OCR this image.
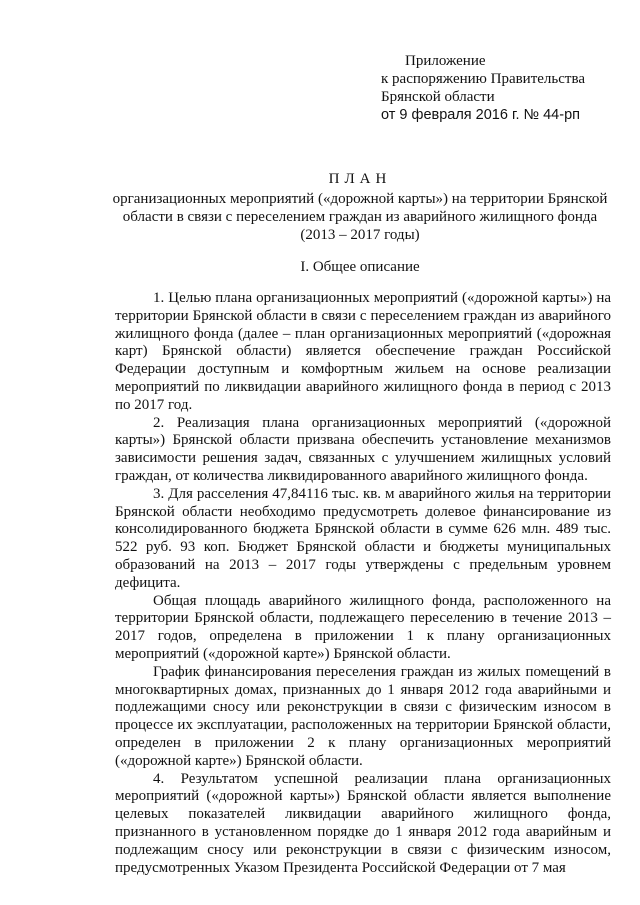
Приложение
к распоряжению Правительства
Брянской области
от 9 февраля 2016 г. № 44-рп
ПЛАН
организационных мероприятий («дорожной карты») на территории Брянской
области в связи с переселением граждан из аварийного жилищного фонда
(2013 – 2017 годы)
I. Общее описание

1. Целью плана организационных мероприятий («дорожной карты») на территории Брянской области в связи с переселением граждан из аварийного жилищного фонда (далее – план организационных мероприятий («дорожная карт) Брянской области) является обеспечение граждан Российской Федерации доступным и комфортным жильем на основе реализации мероприятий по ликвидации аварийного жилищного фонда в период с 2013 по 2017 год.

2. Реализация плана организационных мероприятий («дорожной карты») Брянской области призвана обеспечить установление механизмов зависимости решения задач, связанных с улучшением жилищных условий граждан, от количества ликвидированного аварийного жилищного фонда.

3. Для расселения 47,84116 тыс. кв. м аварийного жилья на территории Брянской области необходимо предусмотреть долевое финансирование из консолидированного бюджета Брянской области в сумме 626 млн. 489 тыс. 522 руб. 93 коп. Бюджет Брянской области и бюджеты муниципальных образований на 2013 – 2017 годы утверждены с предельным уровнем дефицита.

Общая площадь аварийного жилищного фонда, расположенного на территории Брянской области, подлежащего переселению в течение 2013 – 2017 годов, определена в приложении 1 к плану организационных мероприятий («дорожной карте») Брянской области.

График финансирования переселения граждан из жилых помещений в многоквартирных домах, признанных до 1 января 2012 года аварийными и подлежащими сносу или реконструкции в связи с физическим износом в процессе их эксплуатации, расположенных на территории Брянской области, определен в приложении 2 к плану организационных мероприятий («дорожной карте») Брянской области.

4. Результатом успешной реализации плана организационных мероприятий («дорожной карты») Брянской области является выполнение целевых показателей ликвидации аварийного жилищного фонда, признанного в установленном порядке до 1 января 2012 года аварийным и подлежащим сносу или реконструкции в связи с физическим износом, предусмотренных Указом Президента Российской Федерации от 7 мая
